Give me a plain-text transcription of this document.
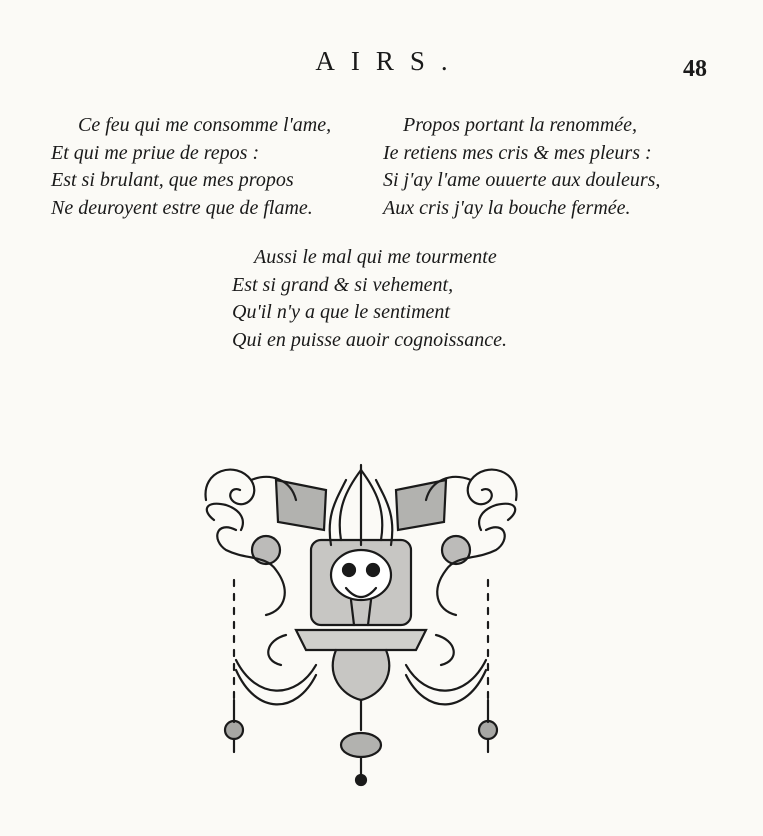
AIRS.	48
Ce feu qui me consomme l'ame,
Et qui me priue de repos :
Est si brulant, que mes propos
Ne deuroyent estre que de flame.
Propos portant la renommée,
Ie retiens mes cris & mes pleurs :
Si j'ay l'ame ouuerte aux douleurs,
Aux cris j'ay la bouche fermée.
Aussi le mal qui me tourmente
Est si grand & si vehement,
Qu'il n'y a que le sentiment
Qui en puisse auoir cognoissance.
